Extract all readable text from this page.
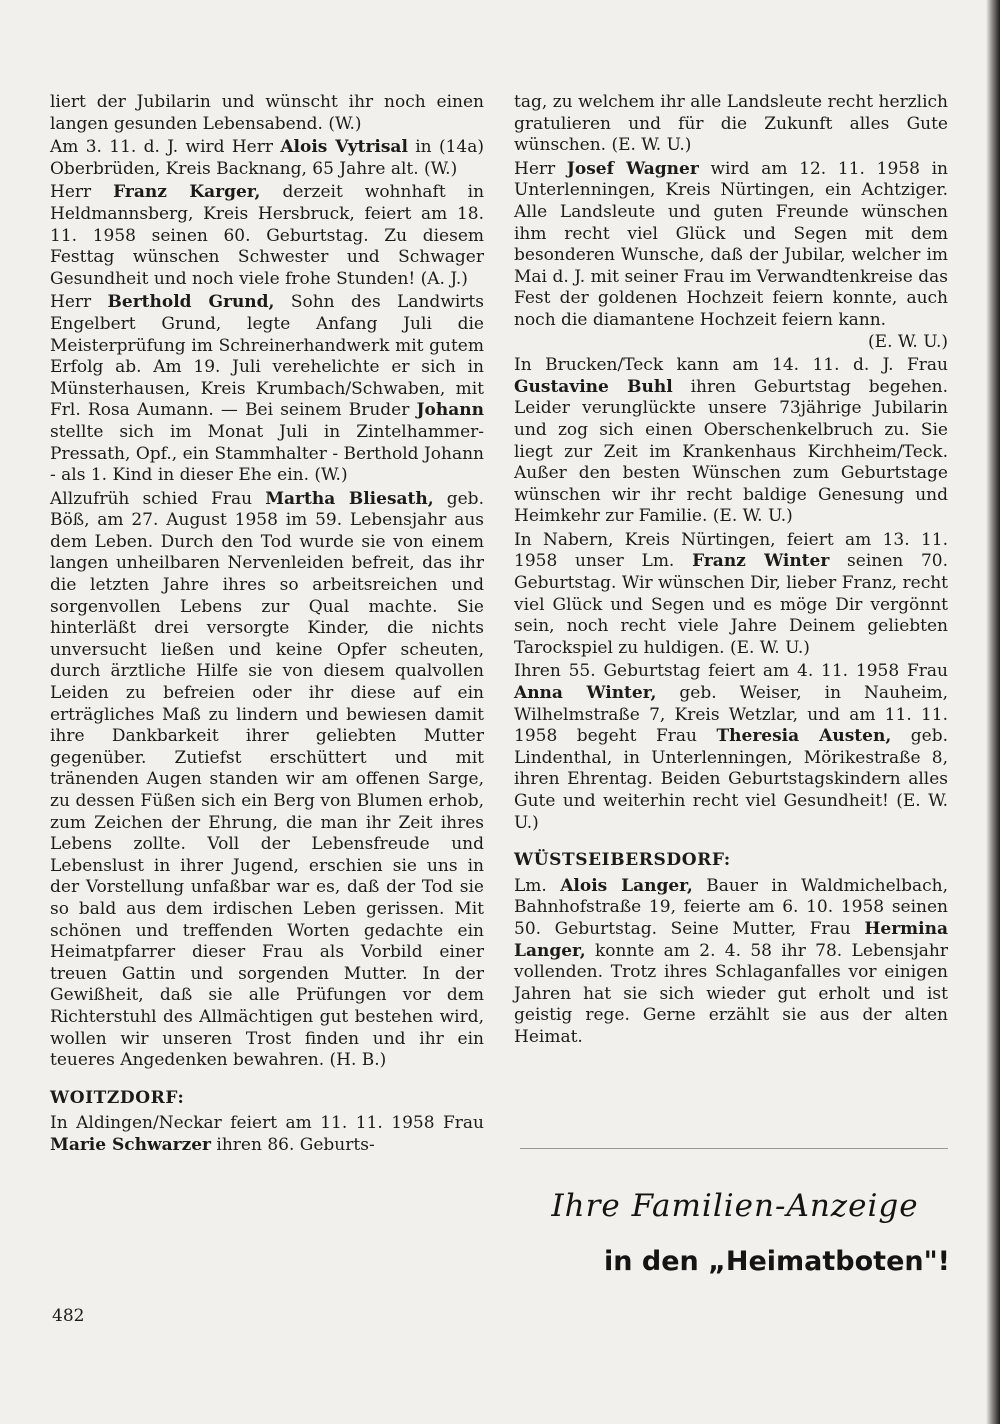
liert der Jubilarin und wünscht ihr noch einen langen gesunden Lebensabend. (W.)

Am 3. 11. d. J. wird Herr Alois Vytrisal in (14a) Oberbrüden, Kreis Backnang, 65 Jahre alt. (W.)

Herr Franz Karger, derzeit wohnhaft in Heldmannsberg, Kreis Hersbruck, feiert am 18. 11. 1958 seinen 60. Geburtstag. Zu diesem Festtag wünschen Schwester und Schwager Gesundheit und noch viele frohe Stunden! (A. J.)

Herr Berthold Grund, Sohn des Landwirts Engelbert Grund, legte Anfang Juli die Meisterprüfung im Schreinerhandwerk mit gutem Erfolg ab. Am 19. Juli verehelichte er sich in Münsterhausen, Kreis Krumbach/Schwaben, mit Frl. Rosa Aumann. — Bei seinem Bruder Johann stellte sich im Monat Juli in Zintelhammer-Pressath, Opf., ein Stammhalter - Berthold Johann - als 1. Kind in dieser Ehe ein. (W.)

Allzufrüh schied Frau Martha Bliesath, geb. Böß, am 27. August 1958 im 59. Lebensjahr aus dem Leben. Durch den Tod wurde sie von einem langen unheilbaren Nervenleiden befreit, das ihr die letzten Jahre ihres so arbeitsreichen und sorgenvollen Lebens zur Qual machte. Sie hinterläßt drei versorgte Kinder, die nichts unversucht ließen und keine Opfer scheuten, durch ärztliche Hilfe sie von diesem qualvollen Leiden zu befreien oder ihr diese auf ein erträgliches Maß zu lindern und bewiesen damit ihre Dankbarkeit ihrer geliebten Mutter gegenüber. Zutiefst erschüttert und mit tränenden Augen standen wir am offenen Sarge, zu dessen Füßen sich ein Berg von Blumen erhob, zum Zeichen der Ehrung, die man ihr Zeit ihres Lebens zollte. Voll der Lebensfreude und Lebenslust in ihrer Jugend, erschien sie uns in der Vorstellung unfaßbar war es, daß der Tod sie so bald aus dem irdischen Leben gerissen. Mit schönen und treffenden Worten gedachte ein Heimatpfarrer dieser Frau als Vorbild einer treuen Gattin und sorgenden Mutter. In der Gewißheit, daß sie alle Prüfungen vor dem Richterstuhl des Allmächtigen gut bestehen wird, wollen wir unseren Trost finden und ihr ein teueres Angedenken bewahren. (H. B.)

WOITZDORF:

In Aldingen/Neckar feiert am 11. 11. 1958 Frau Marie Schwarzer ihren 86. Geburts-

tag, zu welchem ihr alle Landsleute recht herzlich gratulieren und für die Zukunft alles Gute wünschen. (E. W. U.)

Herr Josef Wagner wird am 12. 11. 1958 in Unterlenningen, Kreis Nürtingen, ein Achtziger. Alle Landsleute und guten Freunde wünschen ihm recht viel Glück und Segen mit dem besonderen Wunsche, daß der Jubilar, welcher im Mai d. J. mit seiner Frau im Verwandtenkreise das Fest der goldenen Hochzeit feiern konnte, auch noch die diamantene Hochzeit feiern kann.
(E. W. U.)

In Brucken/Teck kann am 14. 11. d. J. Frau Gustavine Buhl ihren Geburtstag begehen. Leider verunglückte unsere 73jährige Jubilarin und zog sich einen Oberschenkelbruch zu. Sie liegt zur Zeit im Krankenhaus Kirchheim/Teck. Außer den besten Wünschen zum Geburtstage wünschen wir ihr recht baldige Genesung und Heimkehr zur Familie. (E. W. U.)

In Nabern, Kreis Nürtingen, feiert am 13. 11. 1958 unser Lm. Franz Winter seinen 70. Geburtstag. Wir wünschen Dir, lieber Franz, recht viel Glück und Segen und es möge Dir vergönnt sein, noch recht viele Jahre Deinem geliebten Tarockspiel zu huldigen. (E. W. U.)

Ihren 55. Geburtstag feiert am 4. 11. 1958 Frau Anna Winter, geb. Weiser, in Nauheim, Wilhelmstraße 7, Kreis Wetzlar, und am 11. 11. 1958 begeht Frau Theresia Austen, geb. Lindenthal, in Unterlenningen, Mörikestraße 8, ihren Ehrentag. Beiden Geburtstagskindern alles Gute und weiterhin recht viel Gesundheit! (E. W. U.)

WÜSTSEIBERSDORF:

Lm. Alois Langer, Bauer in Waldmichelbach, Bahnhofstraße 19, feierte am 6. 10. 1958 seinen 50. Geburtstag. Seine Mutter, Frau Hermina Langer, konnte am 2. 4. 58 ihr 78. Lebensjahr vollenden. Trotz ihres Schlaganfalles vor einigen Jahren hat sie sich wieder gut erholt und ist geistig rege. Gerne erzählt sie aus der alten Heimat.

Ihre Familien-Anzeige
in den „Heimatboten"!
482
